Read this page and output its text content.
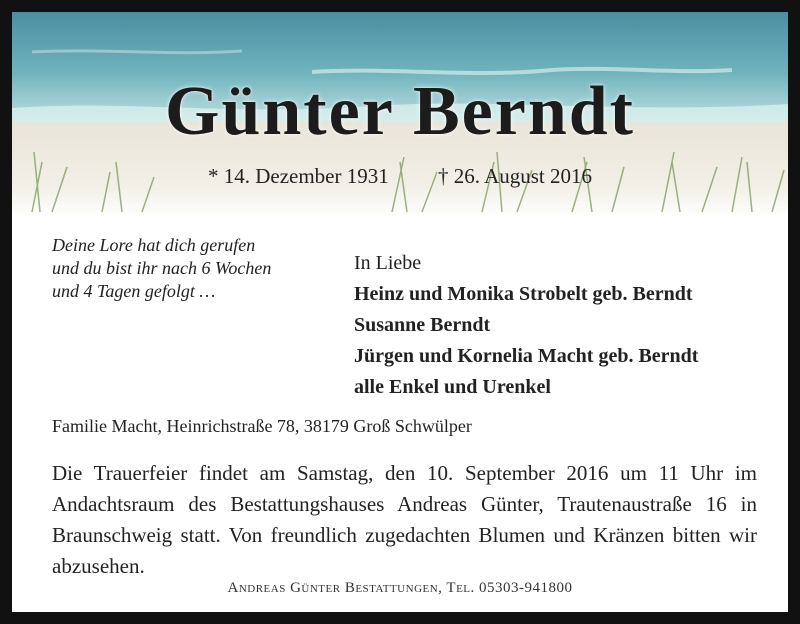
Günter Berndt
* 14. Dezember 1931 † 26. August 2016
Deine Lore hat dich gerufen
und du bist ihr nach 6 Wochen
und 4 Tagen gefolgt …
In Liebe
Heinz und Monika Strobelt geb. Berndt
Susanne Berndt
Jürgen und Kornelia Macht geb. Berndt
alle Enkel und Urenkel
Familie Macht, Heinrichstraße 78, 38179 Groß Schwülper
Die Trauerfeier findet am Samstag, den 10. September 2016 um 11 Uhr im Andachtsraum des Bestattungshauses Andreas Günter, Trautenaustraße 16 in Braunschweig statt. Von freundlich zugedachten Blumen und Kränzen bitten wir abzusehen.
Andreas Günter Bestattungen, Tel. 05303-941800
